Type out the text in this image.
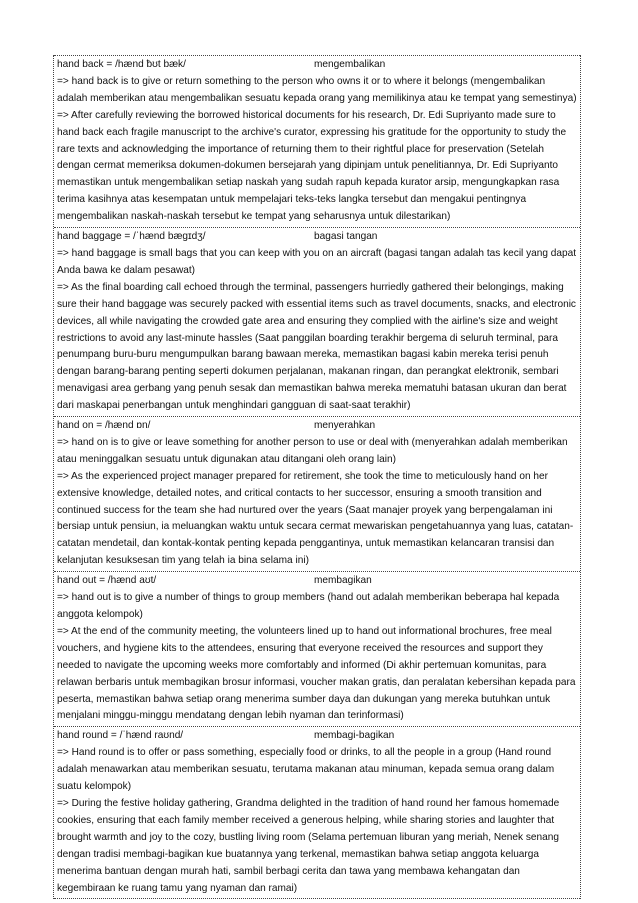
hand back = /hænd ƀʊt bæk/	mengembalikan

=> hand back is to give or return something to the person who owns it or to where it belongs (mengembalikan adalah memberikan atau mengembalikan sesuatu kepada orang yang memilikinya atau ke tempat yang semestinya)

=> After carefully reviewing the borrowed historical documents for his research, Dr. Edi Supriyanto made sure to hand back each fragile manuscript to the archive's curator, expressing his gratitude for the opportunity to study the rare texts and acknowledging the importance of returning them to their rightful place for preservation (Setelah dengan cermat memeriksa dokumen-dokumen bersejarah yang dipinjam untuk penelitiannya, Dr. Edi Supriyanto memastikan untuk mengembalikan setiap naskah yang sudah rapuh kepada kurator arsip, mengungkapkan rasa terima kasihnya atas kesempatan untuk mempelajari teks-teks langka tersebut dan mengakui pentingnya mengembalikan naskah-naskah tersebut ke tempat yang seharusnya untuk dilestarikan)

hand baggage = /ˈhænd bægɪdʒ/	bagasi tangan

=> hand baggage is small bags that you can keep with you on an aircraft (bagasi tangan adalah tas kecil yang dapat Anda bawa ke dalam pesawat)

=> As the final boarding call echoed through the terminal, passengers hurriedly gathered their belongings, making sure their hand baggage was securely packed with essential items such as travel documents, snacks, and electronic devices, all while navigating the crowded gate area and ensuring they complied with the airline's size and weight restrictions to avoid any last-minute hassles (Saat panggilan boarding terakhir bergema di seluruh terminal, para penumpang buru-buru mengumpulkan barang bawaan mereka, memastikan bagasi kabin mereka terisi penuh dengan barang-barang penting seperti dokumen perjalanan, makanan ringan, dan perangkat elektronik, sembari menavigasi area gerbang yang penuh sesak dan memastikan bahwa mereka mematuhi batasan ukuran dan berat dari maskapai penerbangan untuk menghindari gangguan di saat-saat terakhir)

hand on = /hænd ɒn/	menyerahkan

=> hand on is to give or leave something for another person to use or deal with (menyerahkan adalah memberikan atau meninggalkan sesuatu untuk digunakan atau ditangani oleh orang lain)

=> As the experienced project manager prepared for retirement, she took the time to meticulously hand on her extensive knowledge, detailed notes, and critical contacts to her successor, ensuring a smooth transition and continued success for the team she had nurtured over the years (Saat manajer proyek yang berpengalaman ini bersiap untuk pensiun, ia meluangkan waktu untuk secara cermat mewariskan pengetahuannya yang luas, catatan-catatan mendetail, dan kontak-kontak penting kepada penggantinya, untuk memastikan kelancaran transisi dan kelanjutan kesuksesan tim yang telah ia bina selama ini)

hand out = /hænd aʊt/	membagikan

=> hand out is to give a number of things to group members (hand out adalah memberikan beberapa hal kepada anggota kelompok)

=> At the end of the community meeting, the volunteers lined up to hand out informational brochures, free meal vouchers, and hygiene kits to the attendees, ensuring that everyone received the resources and support they needed to navigate the upcoming weeks more comfortably and informed (Di akhir pertemuan komunitas, para relawan berbaris untuk membagikan brosur informasi, voucher makan gratis, dan peralatan kebersihan kepada para peserta, memastikan bahwa setiap orang menerima sumber daya dan dukungan yang mereka butuhkan untuk menjalani minggu-minggu mendatang dengan lebih nyaman dan terinformasi)

hand round = /ˈhænd raʊnd/	membagi-bagikan

=> Hand round is to offer or pass something, especially food or drinks, to all the people in a group (Hand round adalah menawarkan atau memberikan sesuatu, terutama makanan atau minuman, kepada semua orang dalam suatu kelompok)

=> During the festive holiday gathering, Grandma delighted in the tradition of hand round her famous homemade cookies, ensuring that each family member received a generous helping, while sharing stories and laughter that brought warmth and joy to the cozy, bustling living room (Selama pertemuan liburan yang meriah, Nenek senang dengan tradisi membagi-bagikan kue buatannya yang terkenal, memastikan bahwa setiap anggota keluarga menerima bantuan dengan murah hati, sambil berbagi cerita dan tawa yang membawa kehangatan dan kegembiraan ke ruang tamu yang nyaman dan ramai)
